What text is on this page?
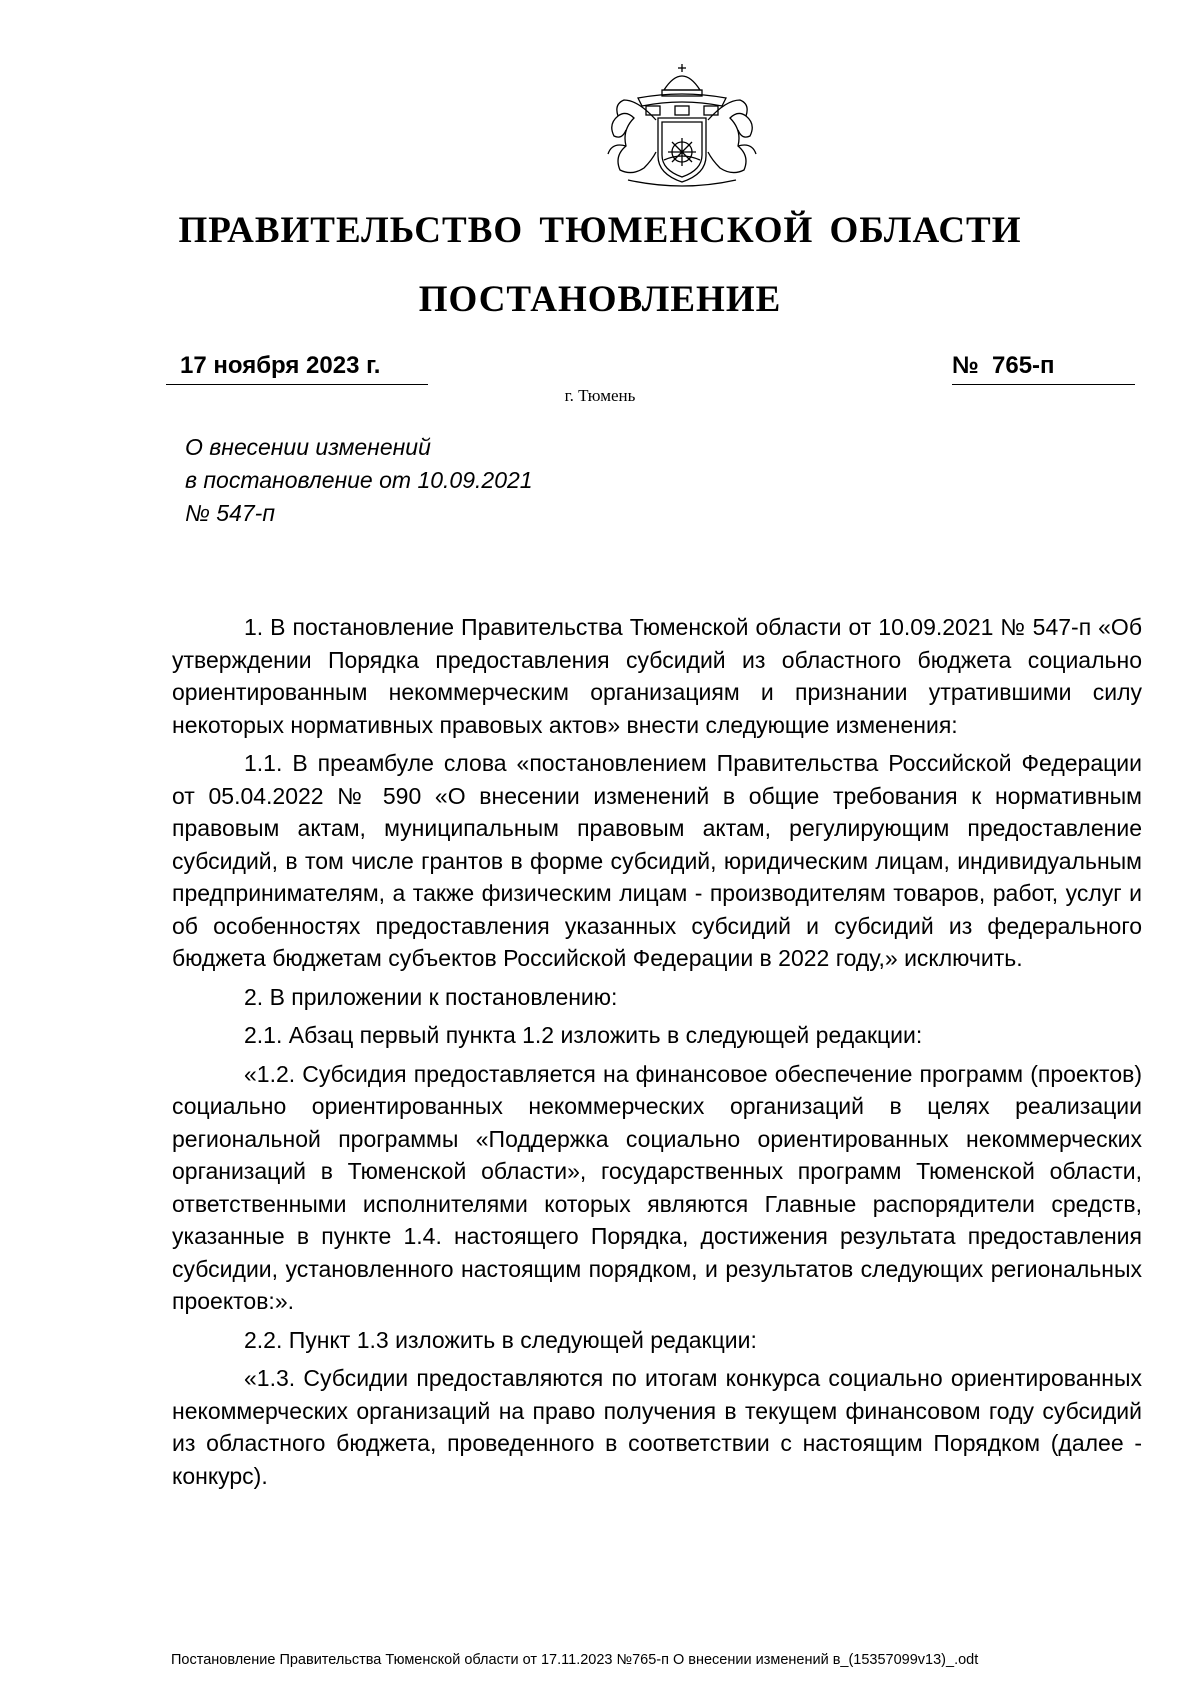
ПРАВИТЕЛЬСТВО ТЮМЕНСКОЙ ОБЛАСТИ
ПОСТАНОВЛЕНИЕ
17 ноября 2023 г.	№ 765-п
г. Тюмень
О внесении изменений
в постановление от 10.09.2021
№ 547-п

1. В постановление Правительства Тюменской области от 10.09.2021 № 547-п «Об утверждении Порядка предоставления субсидий из областного бюджета социально ориентированным некоммерческим организациям и признании утратившими силу некоторых нормативных правовых актов» внести следующие изменения:

1.1. В преамбуле слова «постановлением Правительства Российской Федерации от 05.04.2022 № 590 «О внесении изменений в общие требования к нормативным правовым актам, муниципальным правовым актам, регулирующим предоставление субсидий, в том числе грантов в форме субсидий, юридическим лицам, индивидуальным предпринимателям, а также физическим лицам - производителям товаров, работ, услуг и об особенностях предоставления указанных субсидий и субсидий из федерального бюджета бюджетам субъектов Российской Федерации в 2022 году,» исключить.

2. В приложении к постановлению:

2.1. Абзац первый пункта 1.2 изложить в следующей редакции:

«1.2. Субсидия предоставляется на финансовое обеспечение программ (проектов) социально ориентированных некоммерческих организаций в целях реализации региональной программы «Поддержка социально ориентированных некоммерческих организаций в Тюменской области», государственных программ Тюменской области, ответственными исполнителями которых являются Главные распорядители средств, указанные в пункте 1.4. настоящего Порядка, достижения результата предоставления субсидии, установленного настоящим порядком, и результатов следующих региональных проектов:».

2.2. Пункт 1.3 изложить в следующей редакции:

«1.3. Субсидии предоставляются по итогам конкурса социально ориентированных некоммерческих организаций на право получения в текущем финансовом году субсидий из областного бюджета, проведенного в соответствии с настоящим Порядком (далее - конкурс).

Постановление Правительства Тюменской области от 17.11.2023 №765-п О внесении изменений в_(15357099v13)_.odt
